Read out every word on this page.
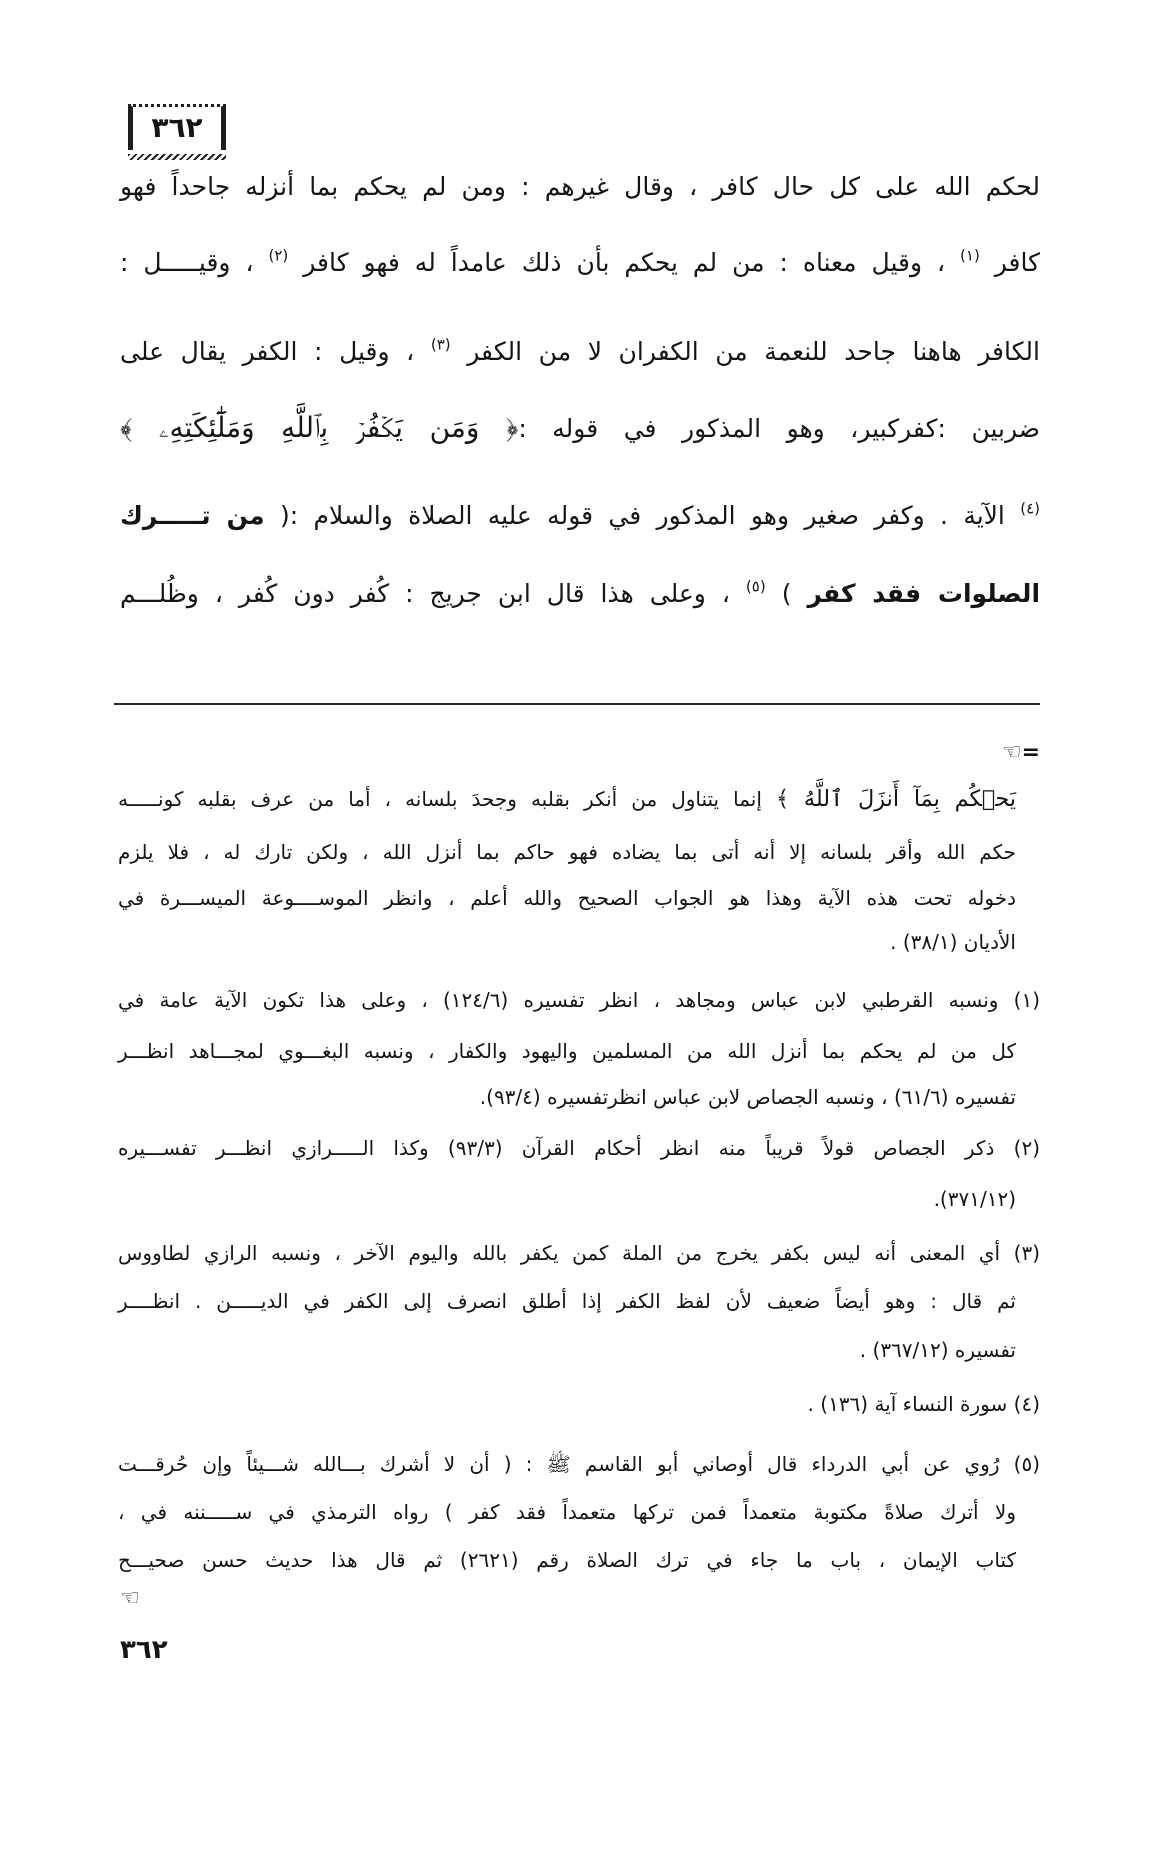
٣٦٢
لحكم الله على كل حال كافر ، وقال غيرهم : ومن لم يحكم بما أنزله جاحداً فهو
كافر $^{(١)}$ ، وقيل معناه : من لم يحكم بأن ذلك عامداً له فهو كافر $^{(٢)}$ ، وقيـــــل :
الكافر هاهنا جاحد للنعمة من الكفران لا من الكفر $^{(٣)}$ ، وقيل : الكفر يقال على
ضربين :كفركبير، وهو المذكور في قوله :﴿ وَمَن يَكۡفُرۡ بِٱللَّهِ وَمَلَٰٓئِكَتِهِۦ ﴾
$^{(٤)}$ الآية . وكفر صغير وهو المذكور في قوله عليه الصلاة والسلام :( من تـــــرك
الصلوات فقد كفر ) $^{(٥)}$ ، وعلى هذا قال ابن جريج : كُفر دون كُفر ، وظُلـــم
☜ =
يَحۡكُم بِمَآ أَنزَلَ ٱللَّهُ ﴾ إنما يتناول من أنكر بقلبه وجحدَ بلسانه ، أما من عرف بقلبه كونـــــه
حكم الله وأقر بلسانه إلا أنه أتى بما يضاده فهو حاكم بما أنزل الله ، ولكن تارك له ، فلا يلزم
دخوله تحت هذه الآية وهذا هو الجواب الصحيح والله أعلم ، وانظر الموســــوعة الميســـرة في
الأديان (٣٨/١) .
(١) ونسبه القرطبي لابن عباس ومجاهد ، انظر تفسيره (١٢٤/٦) ، وعلى هذا تكون الآية عامة في
كل من لم يحكم بما أنزل الله من المسلمين واليهود والكفار ، ونسبه البغـــوي لمجـــاهد انظـــر
تفسيره (٦١/٦) ، ونسبه الجصاص لابن عباس انظرتفسيره (٩٣/٤).
(٢) ذكر الجصاص قولاً قريباً منه انظر أحكام القرآن (٩٣/٣) وكذا الـــــرازي انظـــر تفســـيره
(٣٧١/١٢).
(٣) أي المعنى أنه ليس بكفر يخرج من الملة كمن يكفر بالله واليوم الآخر ، ونسبه الرازي لطاووس
ثم قال : وهو أيضاً ضعيف لأن لفظ الكفر إذا أطلق انصرف إلى الكفر في الديـــــن . انظــــر
تفسيره (٣٦٧/١٢) .
(٤) سورة النساء آية (١٣٦) .
(٥) رُوي عن أبي الدرداء قال أوصاني أبو القاسم ﷺ : ( أن لا أشرك بـــالله شـــيئاً وإن حُرقـــت
ولا أترك صلاةً مكتوبة متعمداً فمن تركها متعمداً فقد كفر ) رواه الترمذي في ســـــننه في ،
كتاب الإيمان ، باب ما جاء في ترك الصلاة رقم (٢٦٢١) ثم قال هذا حديث حسن صحيـــح
☜
٣٦٢
